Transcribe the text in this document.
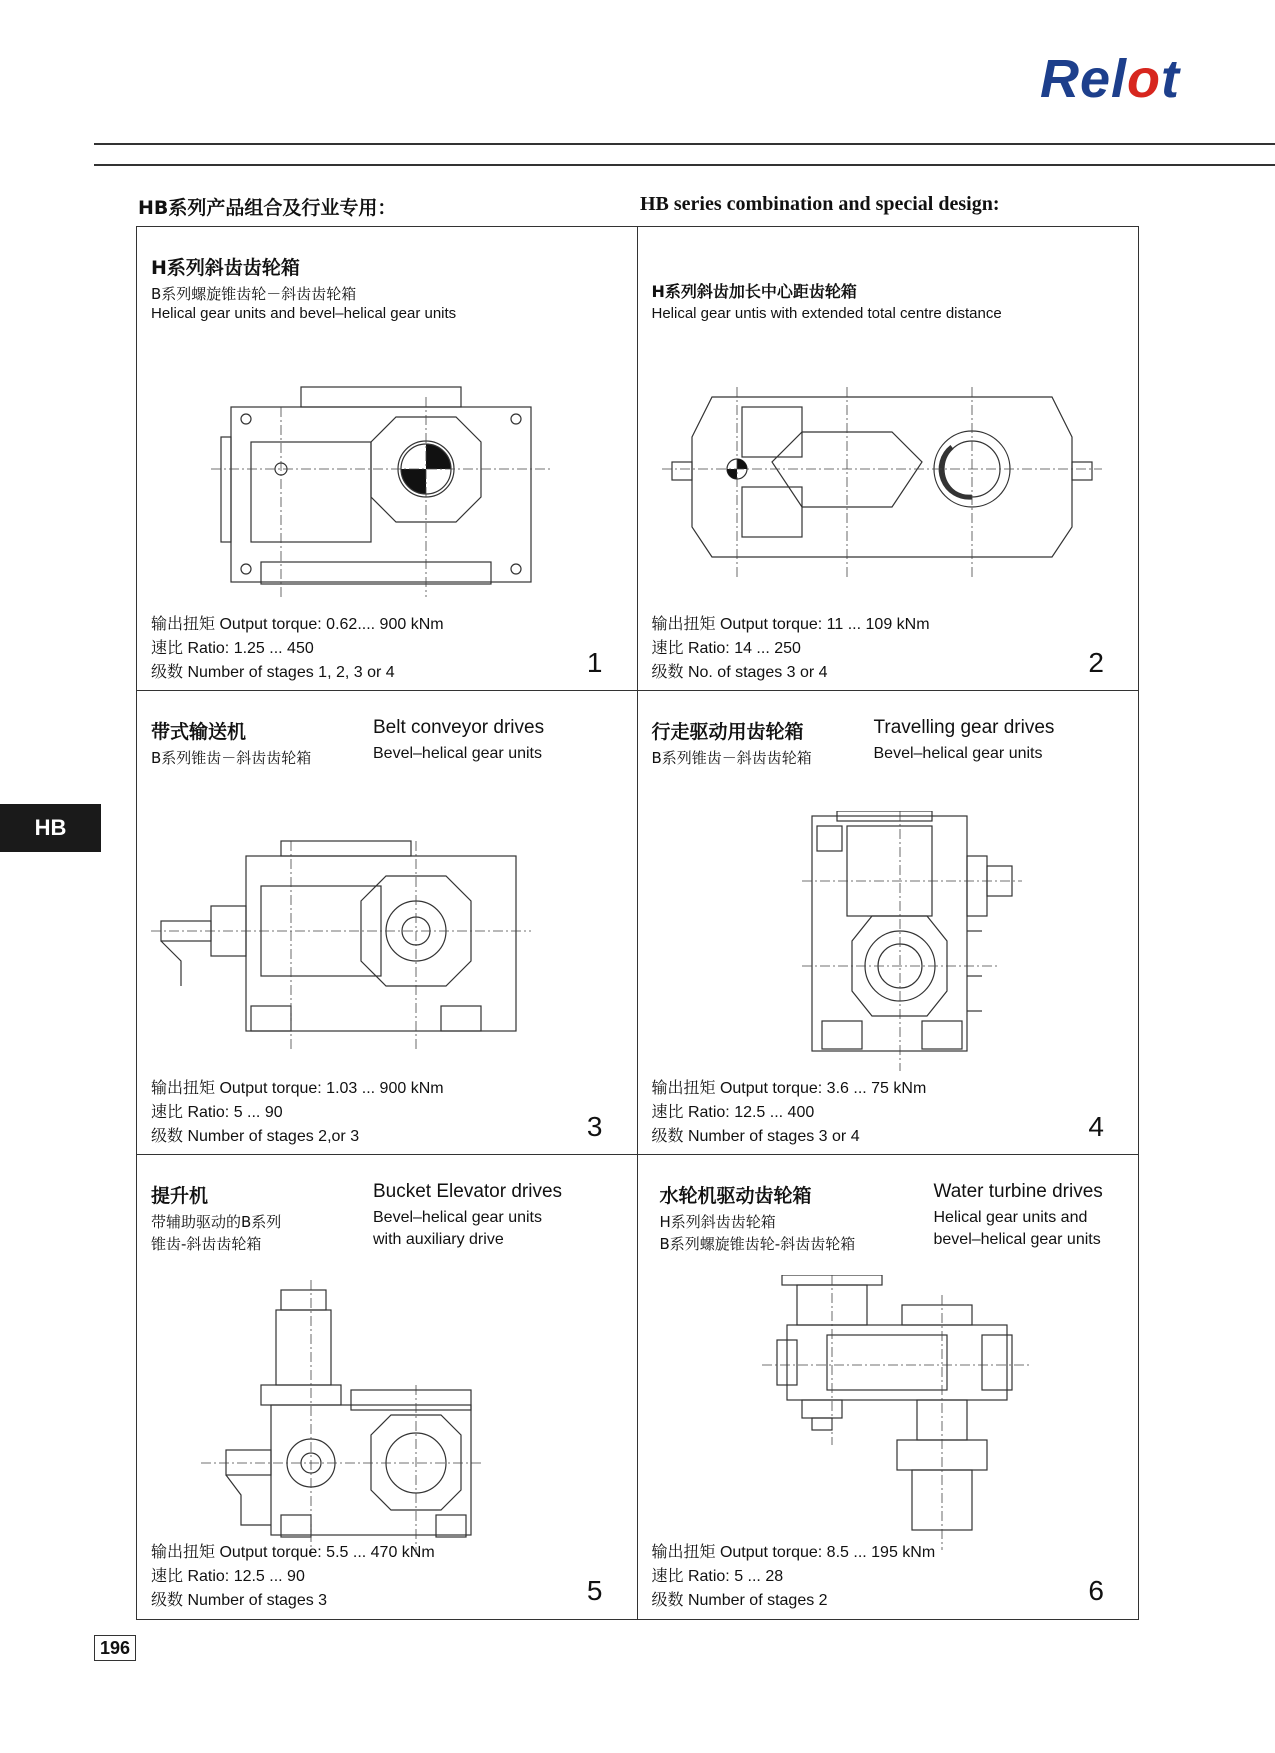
Relot
HB系列产品组合及行业专用：	HB series combination and special design:
HB
H系列斜齿齿轮箱
B系列螺旋锥齿轮－斜齿齿轮箱
Helical gear units and bevel–helical gear units
输出扭矩 Output torque: 0.62.... 900 kNm
速比 Ratio: 1.25 ... 450
级数 Number of stages 1, 2, 3 or 4	1
H系列斜齿加长中心距齿轮箱
Helical gear untis with extended total centre distance
输出扭矩 Output torque: 11 ... 109 kNm
速比 Ratio: 14 ... 250
级数 No. of stages 3 or 4	2
带式输送机
B系列锥齿－斜齿齿轮箱
Belt conveyor drives
Bevel–helical gear units
输出扭矩 Output torque: 1.03 ... 900 kNm
速比 Ratio: 5 ... 90
级数 Number of stages 2,or 3	3
行走驱动用齿轮箱
B系列锥齿－斜齿齿轮箱
Travelling gear drives
Bevel–helical gear units
输出扭矩 Output torque: 3.6 ... 75 kNm
速比 Ratio: 12.5 ... 400
级数 Number of stages 3 or 4	4
提升机
带辅助驱动的B系列
锥齿-斜齿齿轮箱
Bucket Elevator drives
Bevel–helical gear units
with auxiliary drive
输出扭矩 Output torque: 5.5 ... 470 kNm
速比 Ratio: 12.5 ... 90
级数 Number of stages 3	5
水轮机驱动齿轮箱
H系列斜齿齿轮箱
B系列螺旋锥齿轮-斜齿齿轮箱
Water turbine drives
Helical gear units and
bevel–helical gear units
输出扭矩 Output torque: 8.5 ... 195 kNm
速比 Ratio: 5 ... 28
级数 Number of stages 2	6
196
